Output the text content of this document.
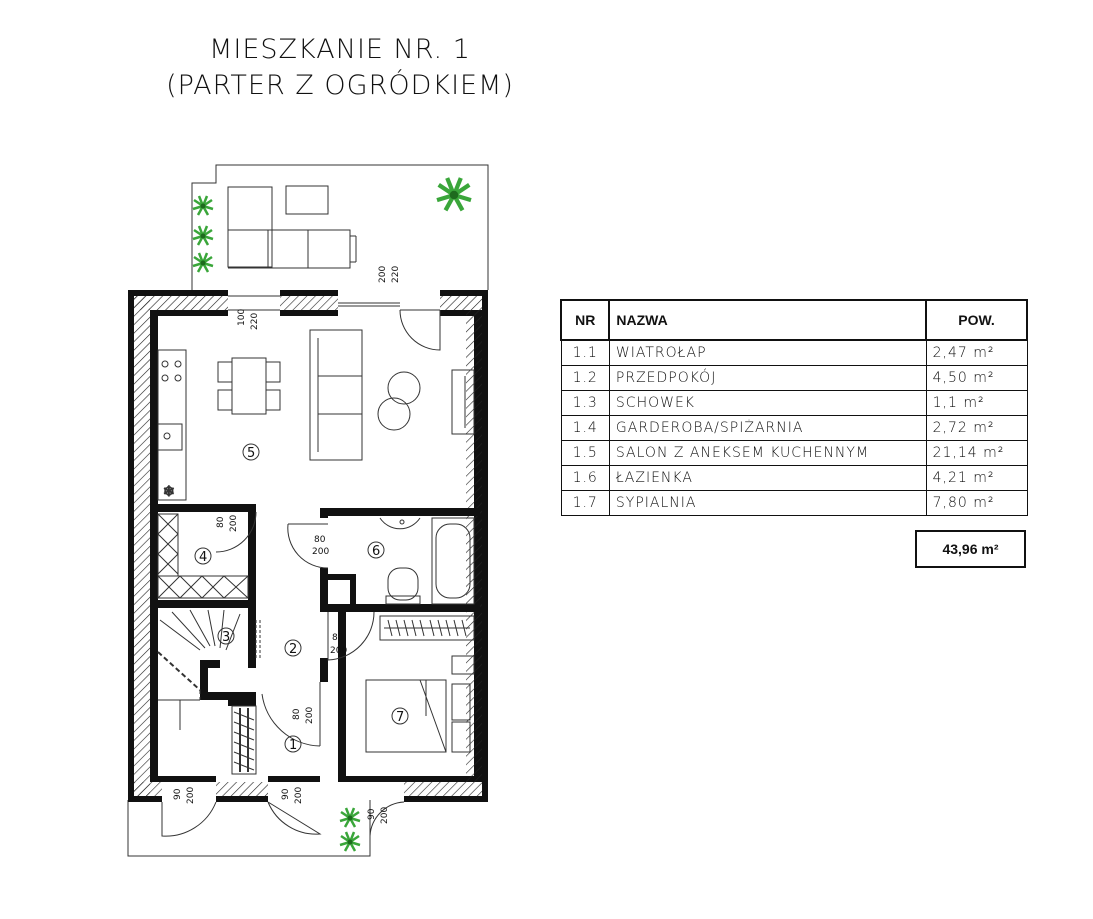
MIESZKANIE NR. 1
(PARTER Z OGRÓDKIEM)
❄
100 220
200 220
80 200
80
200
80
200
80 200
90 200	90 200
90 200
1
2
3
4
5
6
7
NR	NAZWA	POW.
1.1	WIATROŁAP	2,47 m²
1.2	PRZEDPOKÓJ	4,50 m²
1.3	SCHOWEK	1,1 m²
1.4	GARDEROBA/SPIŻARNIA	2,72 m²
1.5	SALON Z ANEKSEM KUCHENNYM	21,14 m²
1.6	ŁAZIENKA	4,21 m²
1.7	SYPIALNIA	7,80 m²
43,96 m²
